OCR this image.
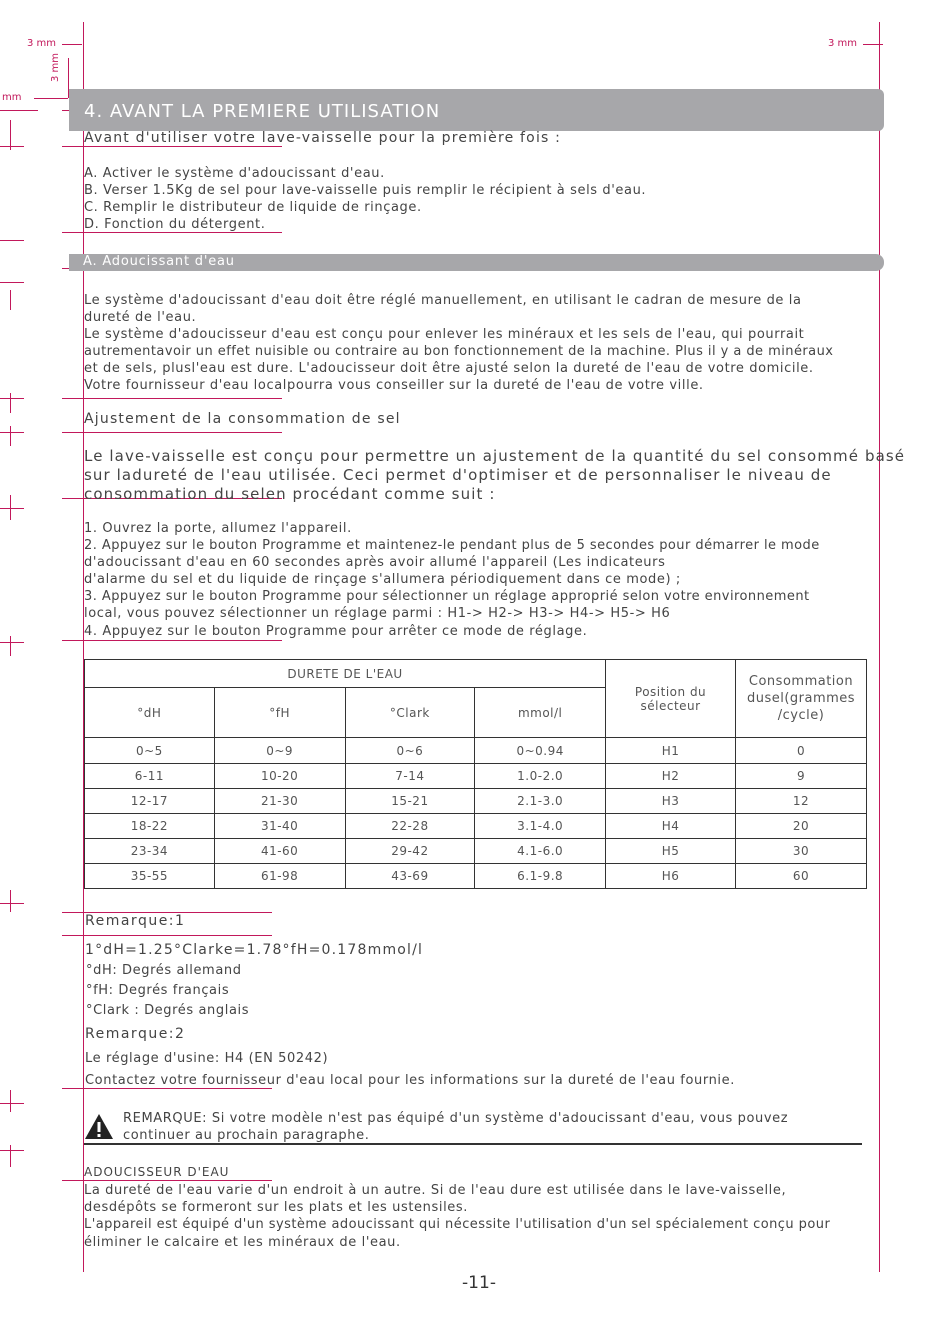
3 mm	3 mm
3 mm
mm
4. AVANT LA PREMIERE UTILISATION
Avant d'utiliser votre lave-vaisselle pour la première fois :
A. Activer le système d'adoucissant d'eau.
B. Verser 1.5Kg de sel pour lave-vaisselle puis remplir le récipient à sels d'eau.
C. Remplir le distributeur de liquide de rinçage.
D. Fonction du détergent.
A. Adoucissant d'eau
Le système d'adoucissant d'eau doit être réglé manuellement, en utilisant le cadran de mesure de la
dureté de l'eau.
Le système d'adoucisseur d'eau est conçu pour enlever les minéraux et les sels de l'eau, qui pourrait
autrementavoir un effet nuisible ou contraire au bon fonctionnement de la machine. Plus il y a de minéraux
et de sels, plusl'eau est dure. L'adoucisseur doit être ajusté selon la dureté de l'eau de votre domicile.
Votre fournisseur d'eau localpourra vous conseiller sur la dureté de l'eau de votre ville.
Ajustement de la consommation de sel
Le lave-vaisselle est conçu pour permettre un ajustement de la quantité du sel consommé basé
sur ladureté de l'eau utilisée. Ceci permet d'optimiser et de personnaliser le niveau de
consommation du selen procédant comme suit :
1. Ouvrez la porte, allumez l'appareil.
2. Appuyez sur le bouton Programme et maintenez-le pendant plus de 5 secondes pour démarrer le mode
d'adoucissant d'eau en 60 secondes après avoir allumé l'appareil (Les indicateurs
d'alarme du sel et du liquide de rinçage s'allumera périodiquement dans ce mode) ;
3. Appuyez sur le bouton Programme pour sélectionner un réglage approprié selon votre environnement
local, vous pouvez sélectionner un réglage parmi : H1-> H2-> H3-> H4-> H5-> H6
4. Appuyez sur le bouton Programme pour arrêter ce mode de réglage.
DURETE DE L'EAU				Position du sélecteur	Consommation dusel(grammes /cycle)
°dH	°fH	°Clark	mmol/l		
0~5	0~9	0~6	0~0.94	H1	0
6-11	10-20	7-14	1.0-2.0	H2	9
12-17	21-30	15-21	2.1-3.0	H3	12
18-22	31-40	22-28	3.1-4.0	H4	20
23-34	41-60	29-42	4.1-6.0	H5	30
35-55	61-98	43-69	6.1-9.8	H6	60
Remarque:1
1°dH=1.25°Clarke=1.78°fH=0.178mmol/l
°dH: Degrés allemand
°fH: Degrés français
°Clark : Degrés anglais
Remarque:2
Le réglage d'usine: H4 (EN 50242)
Contactez votre fournisseur d'eau local pour les informations sur la dureté de l'eau fournie.
REMARQUE: Si votre modèle n'est pas équipé d'un système d'adoucissant d'eau, vous pouvez
continuer au prochain paragraphe.
ADOUCISSEUR D'EAU
La dureté de l'eau varie d'un endroit à un autre. Si de l'eau dure est utilisée dans le lave-vaisselle,
desdépôts se formeront sur les plats et les ustensiles.
L'appareil est équipé d'un système adoucissant qui nécessite l'utilisation d'un sel spécialement conçu pour
éliminer le calcaire et les minéraux de l'eau.
-11-
